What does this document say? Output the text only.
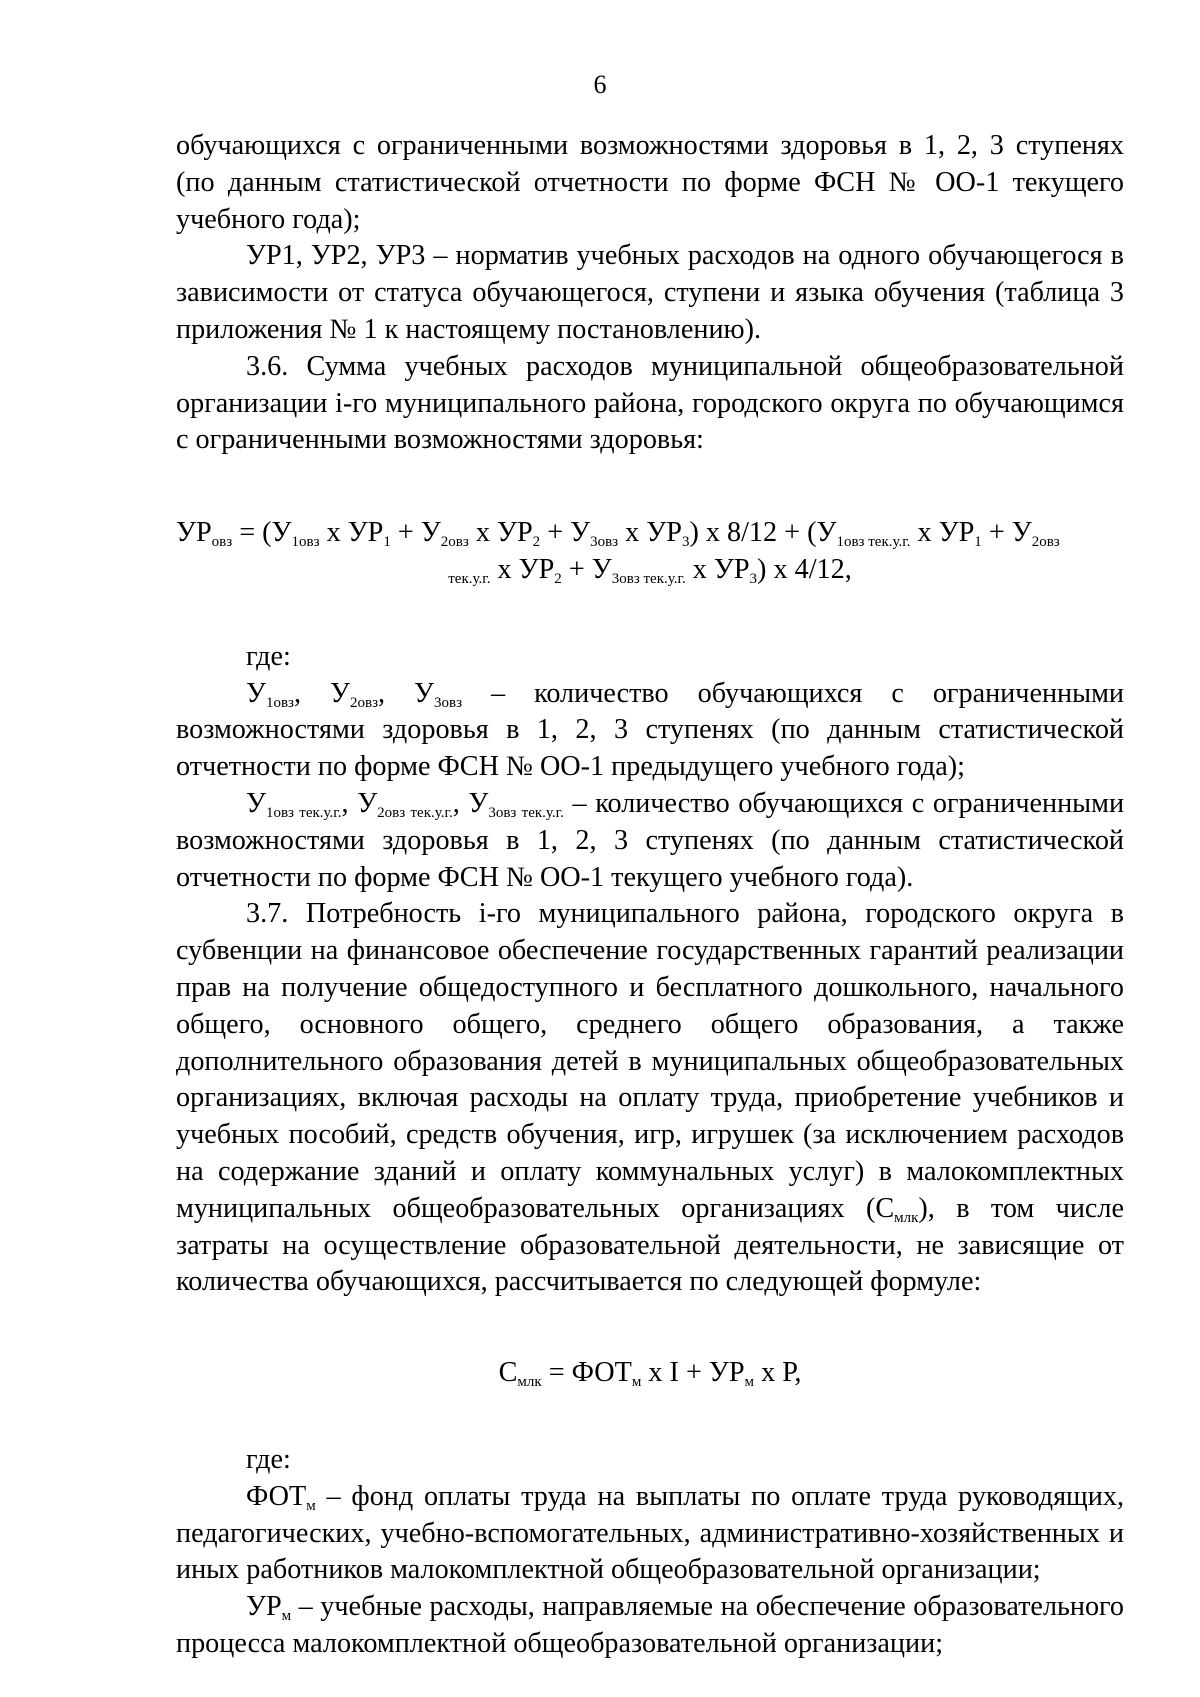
6

обучающихся с ограниченными возможностями здоровья в 1, 2, 3 ступенях (по данным статистической отчетности по форме ФСН № ОО-1 текущего учебного года);

УР1, УР2, УР3 – норматив учебных расходов на одного обучающегося в зависимости от статуса обучающегося, ступени и языка обучения (таблица 3 приложения № 1 к настоящему постановлению).

3.6. Сумма учебных расходов муниципальной общеобразовательной организации i-го муниципального района, городского округа по обучающимся с ограниченными возможностями здоровья:

$УР_{овз} = (У_{1овз}$ х $УР_1 + У_{2овз}$ х $УР_2 + У_{3овз}$ х $УР_3$) х $8/12 + (У_{1овз тек.у.г.}$ х $УР_1 + У_{2овз}$
$_{тек.у.г.}$ х $УР_2 + У_{3овз тек.у.г.}$ х $УР_3$) х 4/12,

где:

$У_{1овз}$, $У_{2овз}$, $У_{3овз}$ – количество обучающихся с ограниченными возможностями здоровья в 1, 2, 3 ступенях (по данным статистической отчетности по форме ФСН № ОО-1 предыдущего учебного года);

$У_{1овз тек.у.г.}$, $У_{2овз тек.у.г.}$, $У_{3овз тек.у.г.}$ – количество обучающихся с ограниченными возможностями здоровья в 1, 2, 3 ступенях (по данным статистической отчетности по форме ФСН № ОО-1 текущего учебного года).

3.7. Потребность i-го муниципального района, городского округа в субвенции на финансовое обеспечение государственных гарантий реализации прав на получение общедоступного и бесплатного дошкольного, начального общего, основного общего, среднего общего образования, а также дополнительного образования детей в муниципальных общеобразовательных организациях, включая расходы на оплату труда, приобретение учебников и учебных пособий, средств обучения, игр, игрушек (за исключением расходов на содержание зданий и оплату коммунальных услуг) в малокомплектных муниципальных общеобразовательных организациях $(С_{млк})$, в том числе затраты на осуществление образовательной деятельности, не зависящие от количества обучающихся, рассчитывается по следующей формуле:

$С_{млк} = ФОТ_м$ х $I + УР_м$ х Р,

где:

$ФОТ_м$ – фонд оплаты труда на выплаты по оплате труда руководящих, педагогических, учебно-вспомогательных, административно-хозяйственных и иных работников малокомплектной общеобразовательной организации;

$УР_м$ – учебные расходы, направляемые на обеспечение образовательного процесса малокомплектной общеобразовательной организации;
